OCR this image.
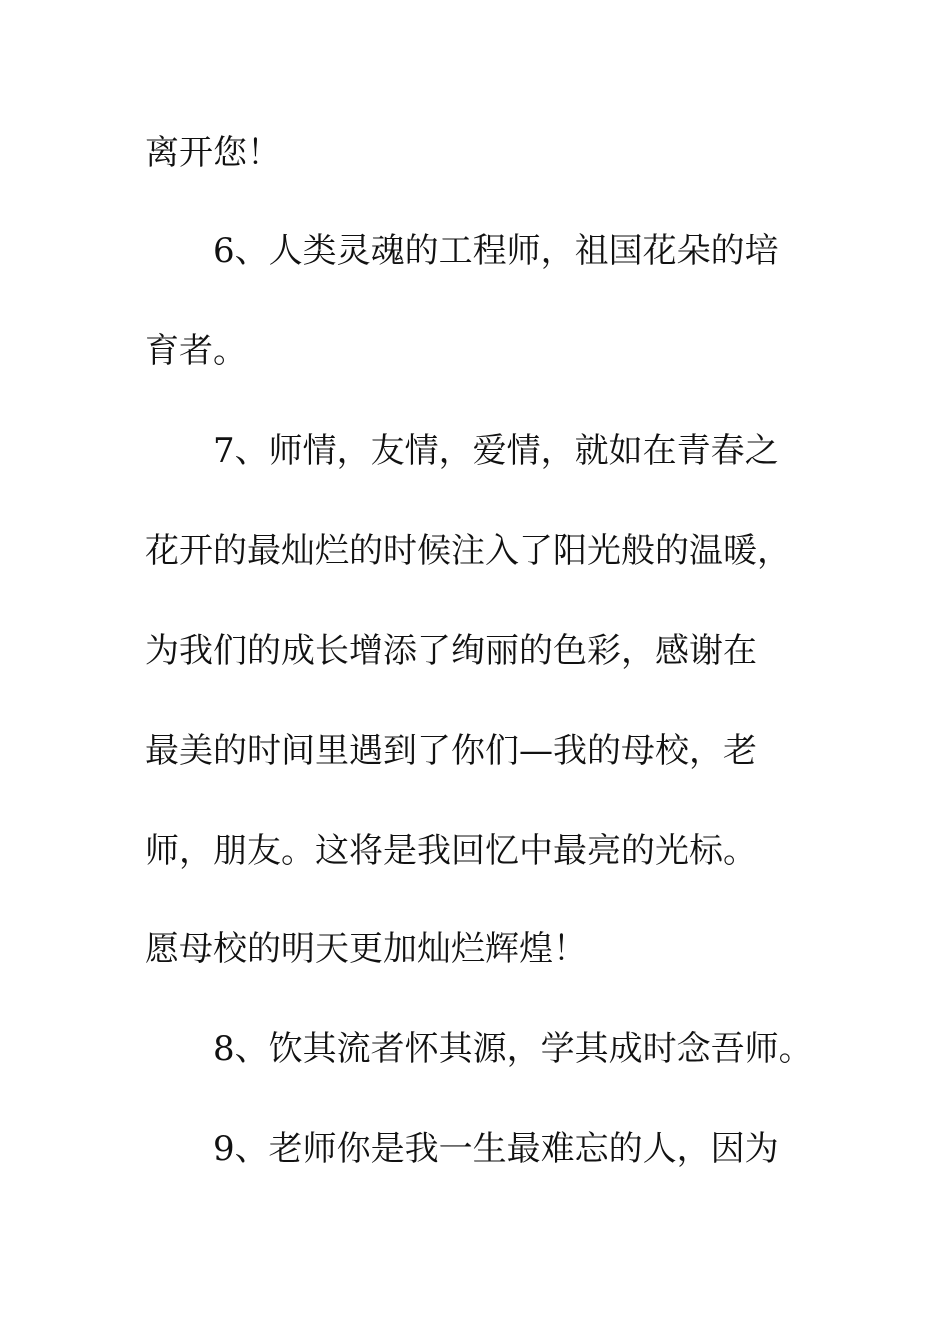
离开您！
6、人类灵魂的工程师，祖国花朵的培
育者。
7、师情，友情，爱情，就如在青春之
花开的最灿烂的时候注入了阳光般的温暖，
为我们的成长增添了绚丽的色彩，感谢在
最美的时间里遇到了你们—我的母校，老
师，朋友。这将是我回忆中最亮的光标。
愿母校的明天更加灿烂辉煌！
8、饮其流者怀其源，学其成时念吾师。
9、老师你是我一生最难忘的人，因为
